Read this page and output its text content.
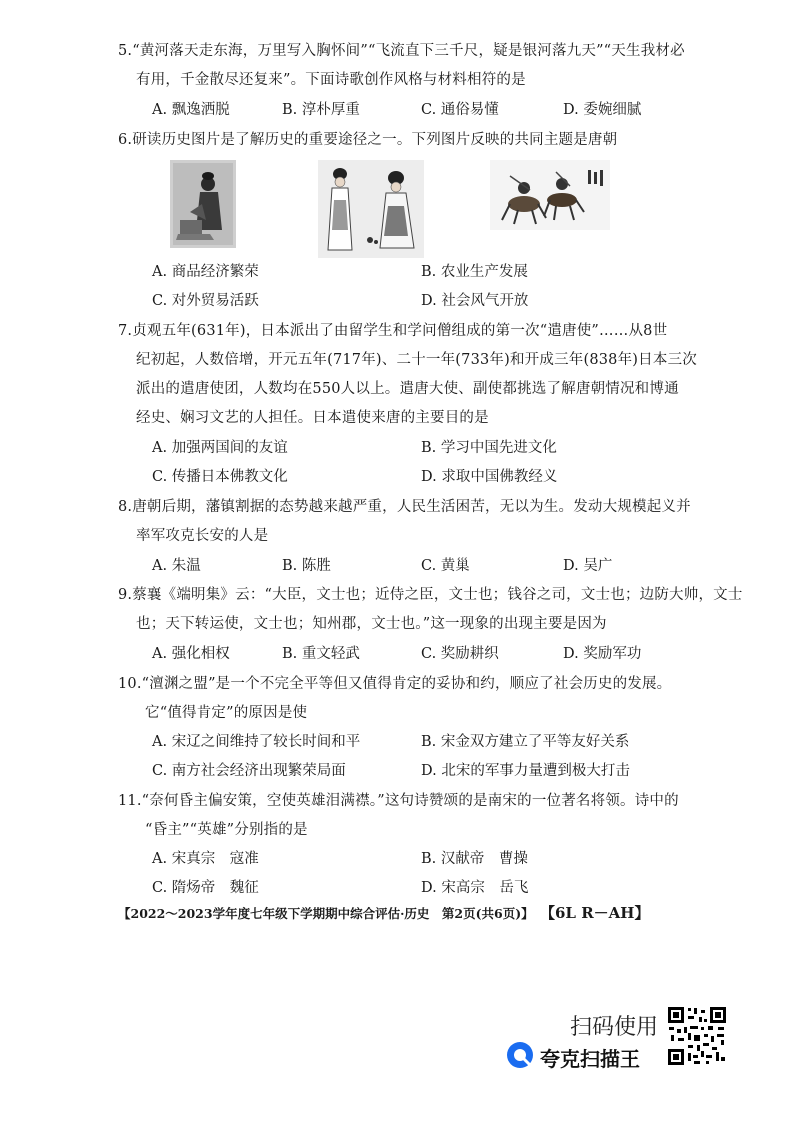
5.“黄河落天走东海，万里写入胸怀间”“飞流直下三千尺，疑是银河落九天”“天生我材必
有用，千金散尽还复来”。下面诗歌创作风格与材料相符的是
A. 飘逸洒脱	B. 淳朴厚重	C. 通俗易懂	D. 委婉细腻
6.研读历史图片是了解历史的重要途径之一。下列图片反映的共同主题是唐朝
A. 商品经济繁荣	B. 农业生产发展
C. 对外贸易活跃	D. 社会风气开放
7.贞观五年(631年)，日本派出了由留学生和学问僧组成的第一次“遣唐使”……从8世
纪初起，人数倍增，开元五年(717年)、二十一年(733年)和开成三年(838年)日本三次
派出的遣唐使团，人数均在550人以上。遣唐大使、副使都挑选了解唐朝情况和博通
经史、娴习文艺的人担任。日本遣使来唐的主要目的是
A. 加强两国间的友谊	B. 学习中国先进文化
C. 传播日本佛教文化	D. 求取中国佛教经义
8.唐朝后期，藩镇割据的态势越来越严重，人民生活困苦，无以为生。发动大规模起义并
率军攻克长安的人是
A. 朱温	B. 陈胜	C. 黄巢	D. 吴广
9.蔡襄《端明集》云：“大臣，文士也；近侍之臣，文士也；钱谷之司，文士也；边防大帅，文士
也；天下转运使，文士也；知州郡，文士也。”这一现象的出现主要是因为
A. 强化相权	B. 重文轻武	C. 奖励耕织	D. 奖励军功
10.“澶渊之盟”是一个不完全平等但又值得肯定的妥协和约，顺应了社会历史的发展。
它“值得肯定”的原因是使
A. 宋辽之间维持了较长时间和平	B. 宋金双方建立了平等友好关系
C. 南方社会经济出现繁荣局面	D. 北宋的军事力量遭到极大打击
11.“奈何昏主偏安策，空使英雄泪满襟。”这句诗赞颂的是南宋的一位著名将领。诗中的
“昏主”“英雄”分别指的是
A. 宋真宗　寇准	B. 汉献帝　曹操
C. 隋炀帝　魏征	D. 宋高宗　岳飞
【2022～2023学年度七年级下学期期中综合评估·历史　第2页(共6页)】 【6L R－AH】
扫码使用
夸克扫描王
